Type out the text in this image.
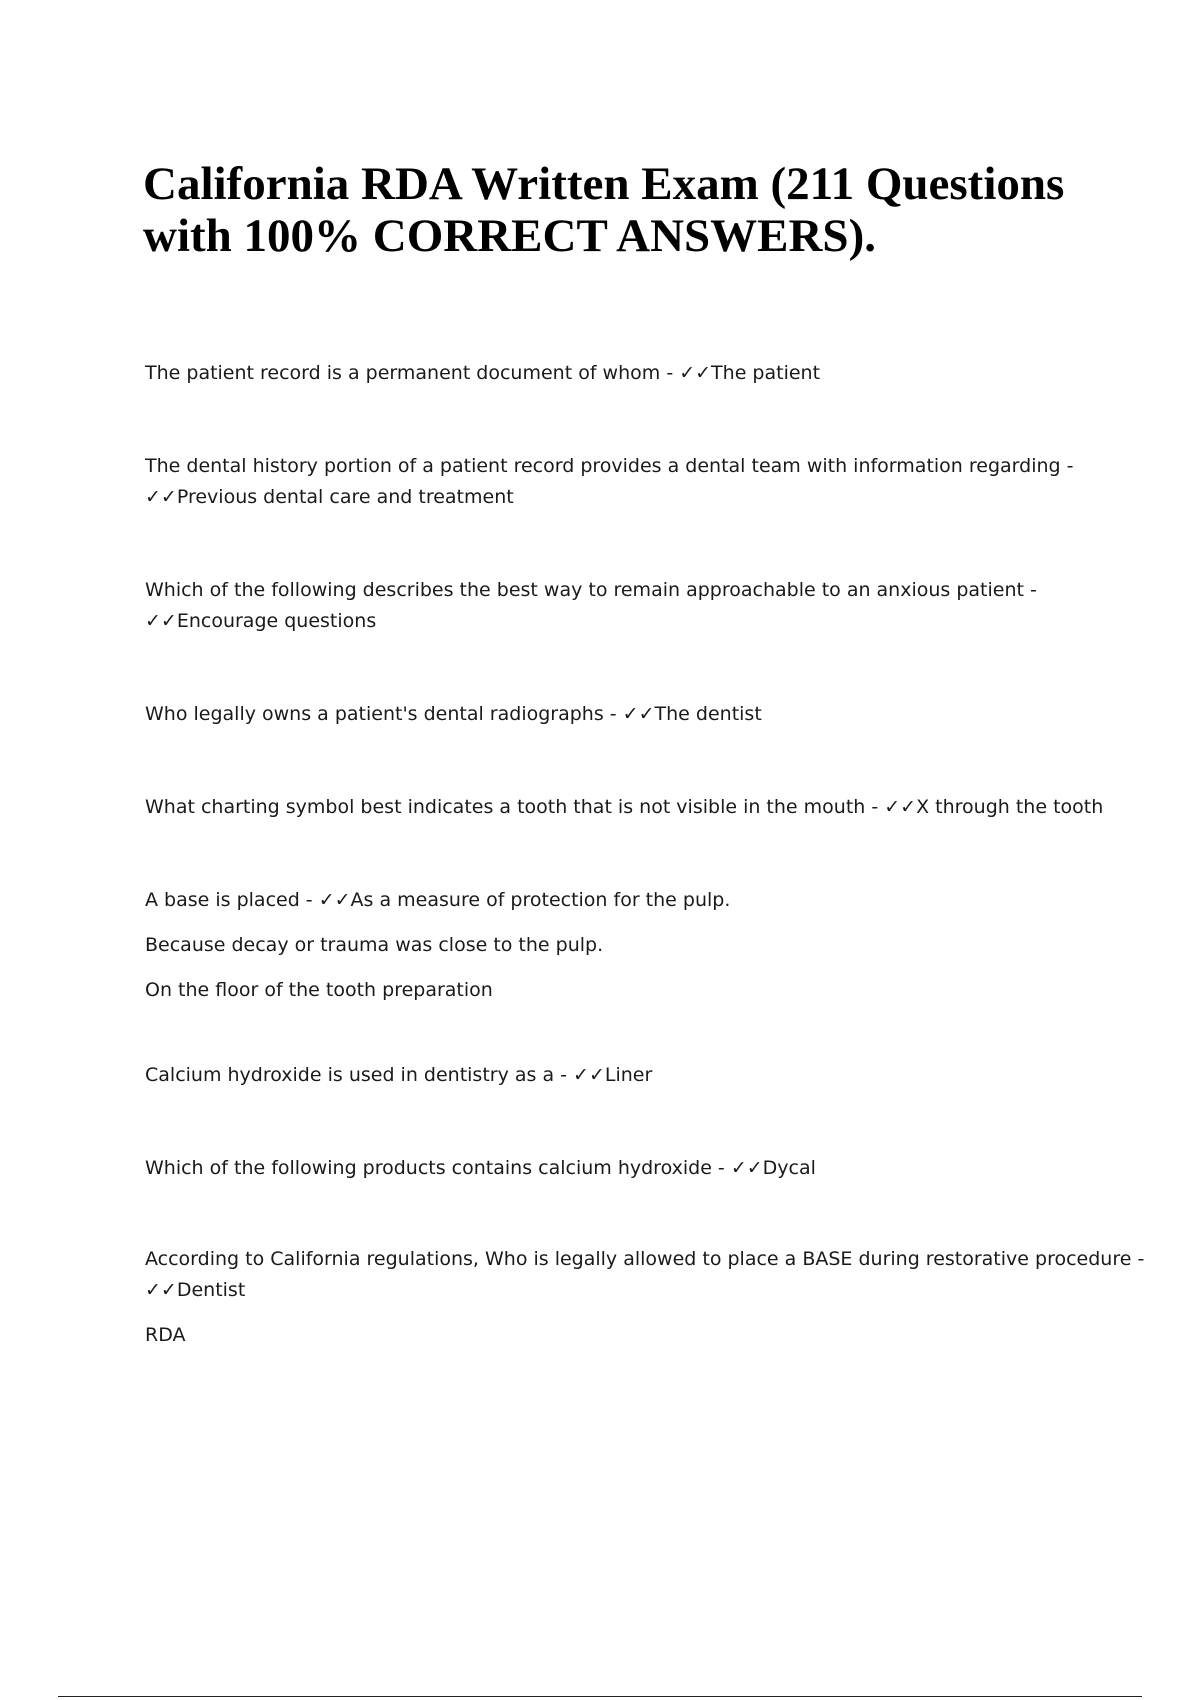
California RDA Written Exam (211 Questions
with 100% CORRECT ANSWERS).

The patient record is a permanent document of whom - ✓✓The patient

The dental history portion of a patient record provides a dental team with information regarding -
✓✓Previous dental care and treatment

Which of the following describes the best way to remain approachable to an anxious patient -
✓✓Encourage questions

Who legally owns a patient's dental radiographs - ✓✓The dentist

What charting symbol best indicates a tooth that is not visible in the mouth - ✓✓X through the tooth

A base is placed - ✓✓As a measure of protection for the pulp.
Because decay or trauma was close to the pulp.
On the floor of the tooth preparation

Calcium hydroxide is used in dentistry as a - ✓✓Liner

Which of the following products contains calcium hydroxide - ✓✓Dycal

According to California regulations, Who is legally allowed to place a BASE during restorative procedure -
✓✓Dentist
RDA
